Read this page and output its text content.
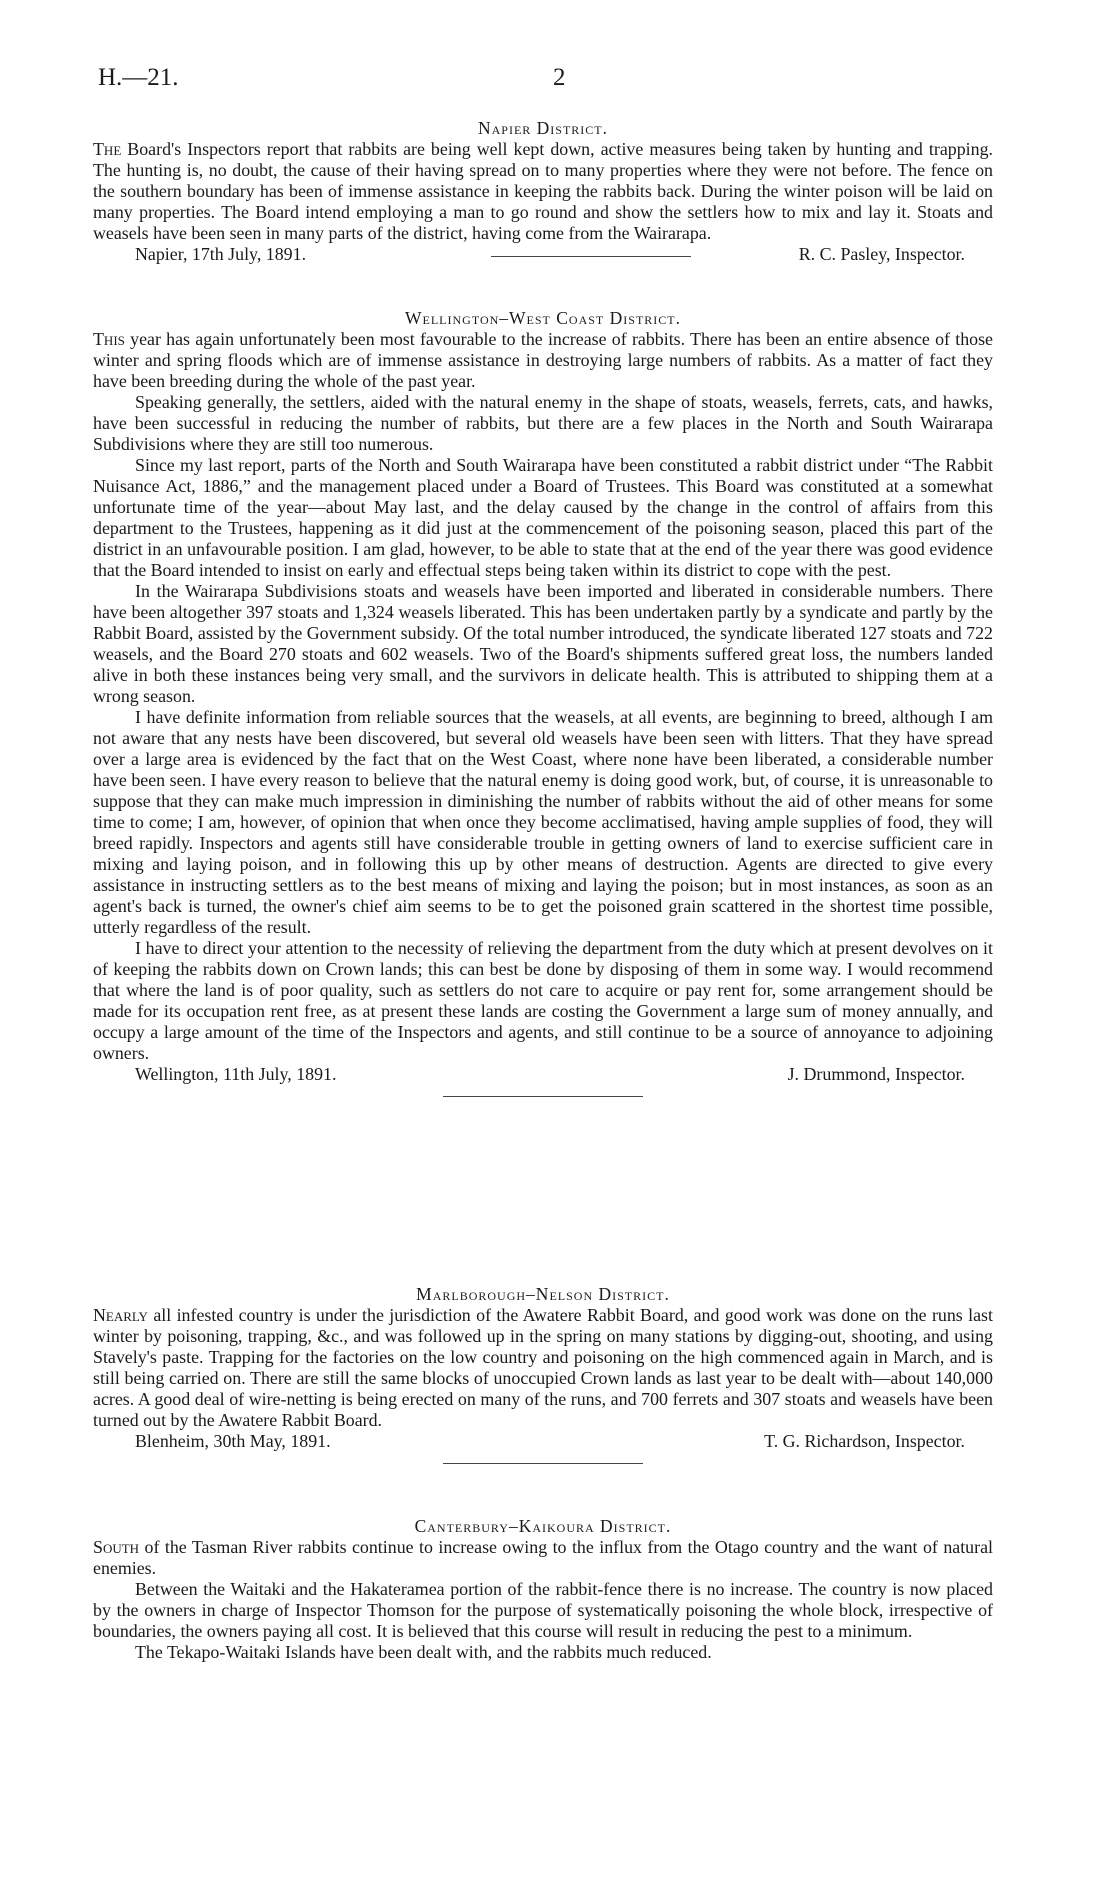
H.—21.	2

Napier District.

The Board's Inspectors report that rabbits are being well kept down, active measures being taken by hunting and trapping. The hunting is, no doubt, the cause of their having spread on to many properties where they were not before. The fence on the southern boundary has been of immense assistance in keeping the rabbits back. During the winter poison will be laid on many properties. The Board intend employing a man to go round and show the settlers how to mix and lay it. Stoats and weasels have been seen in many parts of the district, having come from the Wairarapa.

Napier, 17th July, 1891.	R. C. Pasley, Inspector.

Wellington–West Coast District.

This year has again unfortunately been most favourable to the increase of rabbits. There has been an entire absence of those winter and spring floods which are of immense assistance in destroying large numbers of rabbits. As a matter of fact they have been breeding during the whole of the past year.

Speaking generally, the settlers, aided with the natural enemy in the shape of stoats, weasels, ferrets, cats, and hawks, have been successful in reducing the number of rabbits, but there are a few places in the North and South Wairarapa Subdivisions where they are still too numerous.

Since my last report, parts of the North and South Wairarapa have been constituted a rabbit district under “The Rabbit Nuisance Act, 1886,” and the management placed under a Board of Trustees. This Board was constituted at a somewhat unfortunate time of the year—about May last, and the delay caused by the change in the control of affairs from this department to the Trustees, happening as it did just at the commencement of the poisoning season, placed this part of the district in an unfavourable position. I am glad, however, to be able to state that at the end of the year there was good evidence that the Board intended to insist on early and effectual steps being taken within its district to cope with the pest.

In the Wairarapa Subdivisions stoats and weasels have been imported and liberated in considerable numbers. There have been altogether 397 stoats and 1,324 weasels liberated. This has been undertaken partly by a syndicate and partly by the Rabbit Board, assisted by the Government subsidy. Of the total number introduced, the syndicate liberated 127 stoats and 722 weasels, and the Board 270 stoats and 602 weasels. Two of the Board's shipments suffered great loss, the numbers landed alive in both these instances being very small, and the survivors in delicate health. This is attributed to shipping them at a wrong season.

I have definite information from reliable sources that the weasels, at all events, are beginning to breed, although I am not aware that any nests have been discovered, but several old weasels have been seen with litters. That they have spread over a large area is evidenced by the fact that on the West Coast, where none have been liberated, a considerable number have been seen. I have every reason to believe that the natural enemy is doing good work, but, of course, it is unreasonable to suppose that they can make much impression in diminishing the number of rabbits without the aid of other means for some time to come; I am, however, of opinion that when once they become acclimatised, having ample supplies of food, they will breed rapidly. Inspectors and agents still have considerable trouble in getting owners of land to exercise sufficient care in mixing and laying poison, and in following this up by other means of destruction. Agents are directed to give every assistance in instructing settlers as to the best means of mixing and laying the poison; but in most instances, as soon as an agent's back is turned, the owner's chief aim seems to be to get the poisoned grain scattered in the shortest time possible, utterly regardless of the result.

I have to direct your attention to the necessity of relieving the department from the duty which at present devolves on it of keeping the rabbits down on Crown lands; this can best be done by disposing of them in some way. I would recommend that where the land is of poor quality, such as settlers do not care to acquire or pay rent for, some arrangement should be made for its occupation rent free, as at present these lands are costing the Government a large sum of money annually, and occupy a large amount of the time of the Inspectors and agents, and still continue to be a source of annoyance to adjoining owners.

Wellington, 11th July, 1891.	J. Drummond, Inspector.

Marlborough–Nelson District.

Nearly all infested country is under the jurisdiction of the Awatere Rabbit Board, and good work was done on the runs last winter by poisoning, trapping, &c., and was followed up in the spring on many stations by digging-out, shooting, and using Stavely's paste. Trapping for the factories on the low country and poisoning on the high commenced again in March, and is still being carried on. There are still the same blocks of unoccupied Crown lands as last year to be dealt with—about 140,000 acres. A good deal of wire-netting is being erected on many of the runs, and 700 ferrets and 307 stoats and weasels have been turned out by the Awatere Rabbit Board.

Blenheim, 30th May, 1891.	T. G. Richardson, Inspector.

Canterbury–Kaikoura District.

South of the Tasman River rabbits continue to increase owing to the influx from the Otago country and the want of natural enemies.

Between the Waitaki and the Hakateramea portion of the rabbit-fence there is no increase. The country is now placed by the owners in charge of Inspector Thomson for the purpose of systematically poisoning the whole block, irrespective of boundaries, the owners paying all cost. It is believed that this course will result in reducing the pest to a minimum.

The Tekapo-Waitaki Islands have been dealt with, and the rabbits much reduced.
